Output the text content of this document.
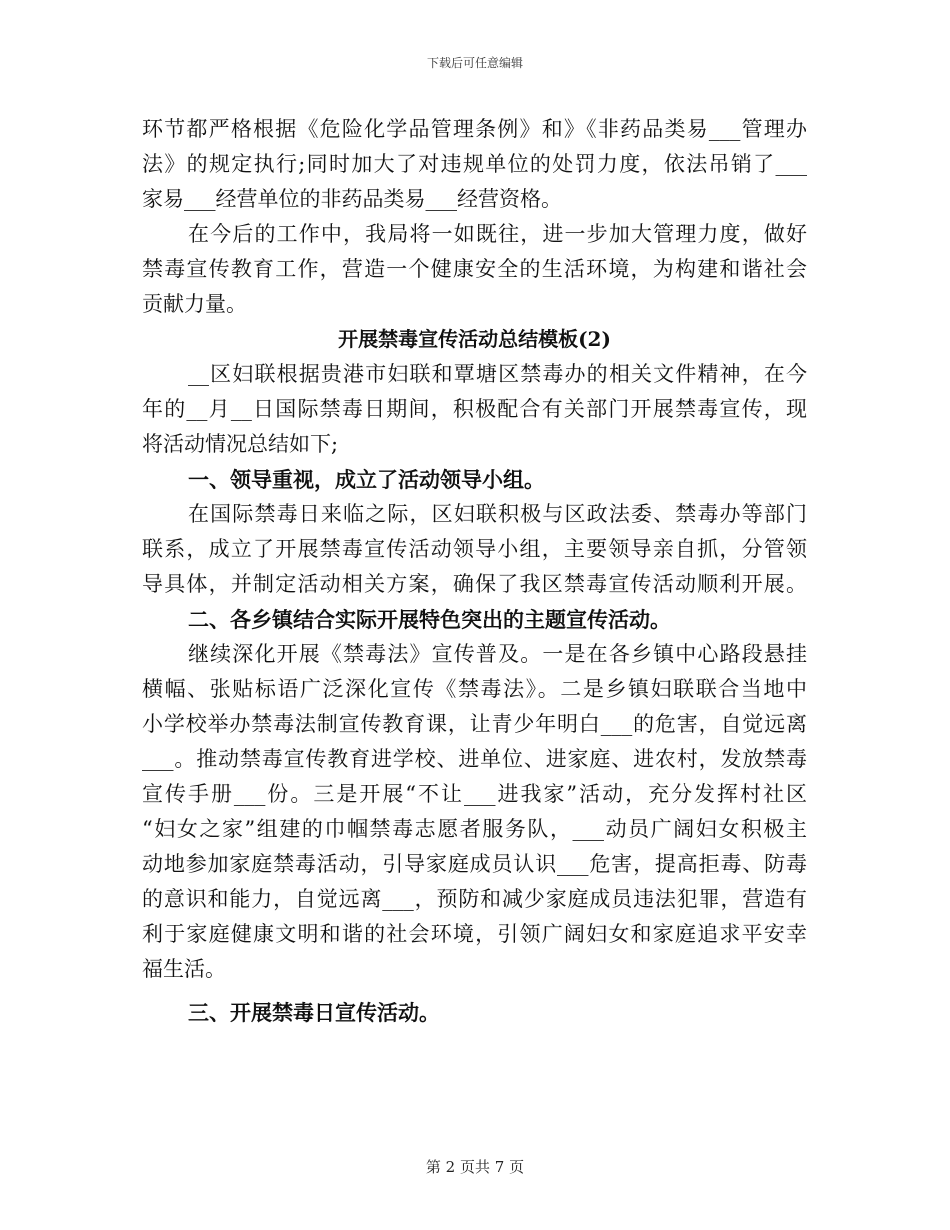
下载后可任意编辑
环节都严格根据《危险化学品管理条例》和》《非药品类易___管理办
法》的规定执行;同时加大了对违规单位的处罚力度，依法吊销了___
家易___经营单位的非药品类易___经营资格。
在今后的工作中，我局将一如既往，进一步加大管理力度，做好
禁毒宣传教育工作，营造一个健康安全的生活环境，为构建和谐社会
贡献力量。
开展禁毒宣传活动总结模板(2)
__区妇联根据贵港市妇联和覃塘区禁毒办的相关文件精神，在今
年的__月__日国际禁毒日期间，积极配合有关部门开展禁毒宣传，现
将活动情况总结如下;
一、领导重视，成立了活动领导小组。
在国际禁毒日来临之际，区妇联积极与区政法委、禁毒办等部门
联系，成立了开展禁毒宣传活动领导小组，主要领导亲自抓，分管领
导具体，并制定活动相关方案，确保了我区禁毒宣传活动顺利开展。
二、各乡镇结合实际开展特色突出的主题宣传活动。
继续深化开展《禁毒法》宣传普及。一是在各乡镇中心路段悬挂
横幅、张贴标语广泛深化宣传《禁毒法》。二是乡镇妇联联合当地中
小学校举办禁毒法制宣传教育课，让青少年明白___的危害，自觉远离
___。推动禁毒宣传教育进学校、进单位、进家庭、进农村，发放禁毒
宣传手册___份。三是开展“不让___进我家”活动，充分发挥村社区
“妇女之家”组建的巾帼禁毒志愿者服务队，___动员广阔妇女积极主
动地参加家庭禁毒活动，引导家庭成员认识___危害，提高拒毒、防毒
的意识和能力，自觉远离___，预防和减少家庭成员违法犯罪，营造有
利于家庭健康文明和谐的社会环境，引领广阔妇女和家庭追求平安幸
福生活。
三、开展禁毒日宣传活动。
第 2 页共 7 页
